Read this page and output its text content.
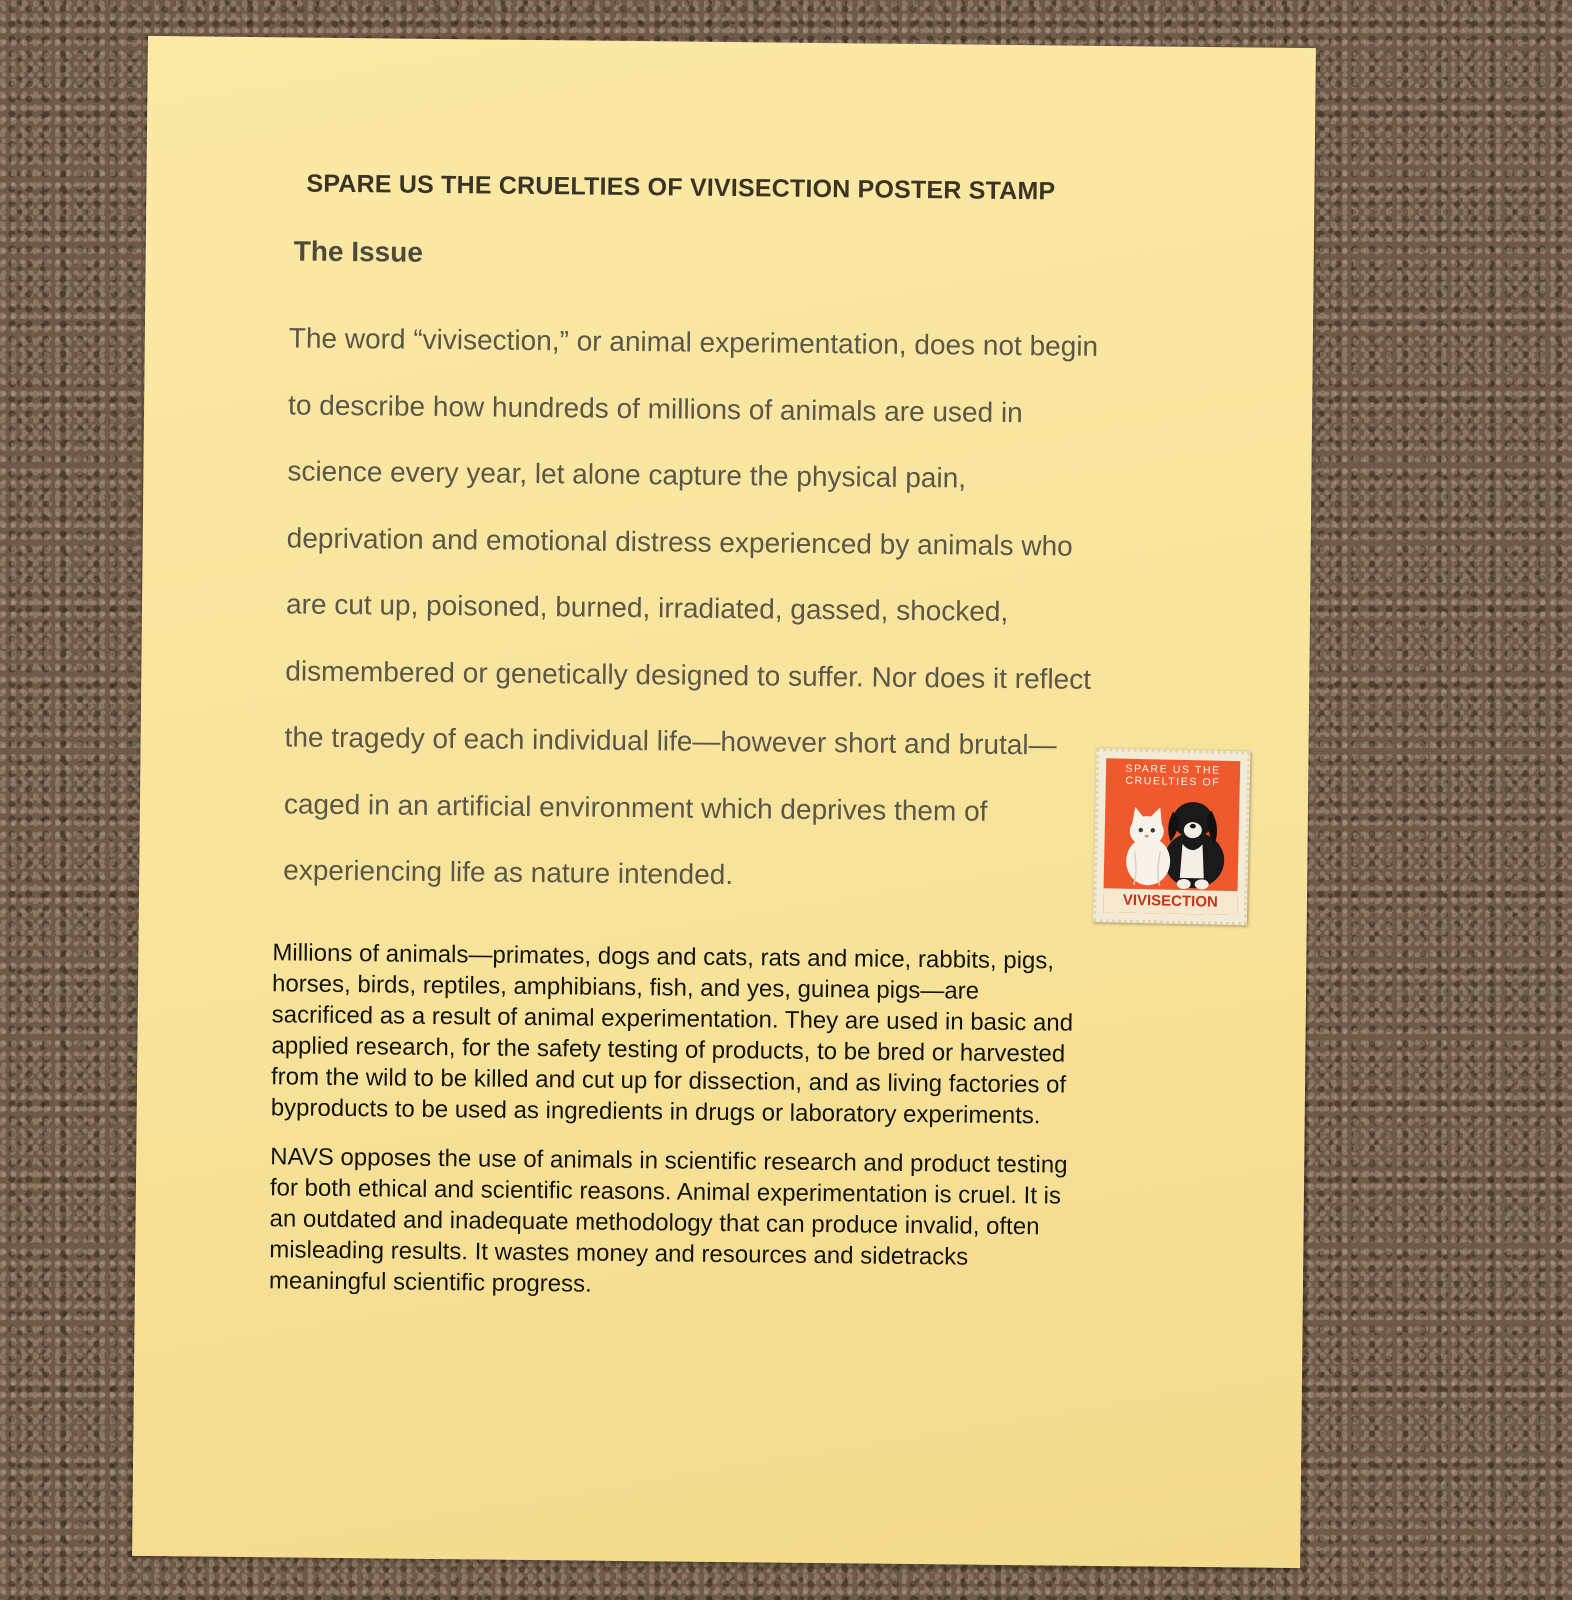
SPARE US THE CRUELTIES OF VIVISECTION POSTER STAMP
The Issue
The word “vivisection,” or animal experimentation, does not begin
to describe how hundreds of millions of animals are used in
science every year, let alone capture the physical pain,
deprivation and emotional distress experienced by animals who
are cut up, poisoned, burned, irradiated, gassed, shocked,
dismembered or genetically designed to suffer. Nor does it reflect
the tragedy of each individual life—however short and brutal—
caged in an artificial environment which deprives them of
experiencing life as nature intended.
Millions of animals—primates, dogs and cats, rats and mice, rabbits, pigs,
horses, birds, reptiles, amphibians, fish, and yes, guinea pigs—are
sacrificed as a result of animal experimentation. They are used in basic and
applied research, for the safety testing of products, to be bred or harvested
from the wild to be killed and cut up for dissection, and as living factories of
byproducts to be used as ingredients in drugs or laboratory experiments.
NAVS opposes the use of animals in scientific research and product testing
for both ethical and scientific reasons. Animal experimentation is cruel. It is
an outdated and inadequate methodology that can produce invalid, often
misleading results. It wastes money and resources and sidetracks
meaningful scientific progress.
SPARE US THE
CRUELTIES OF
VIVISECTION
